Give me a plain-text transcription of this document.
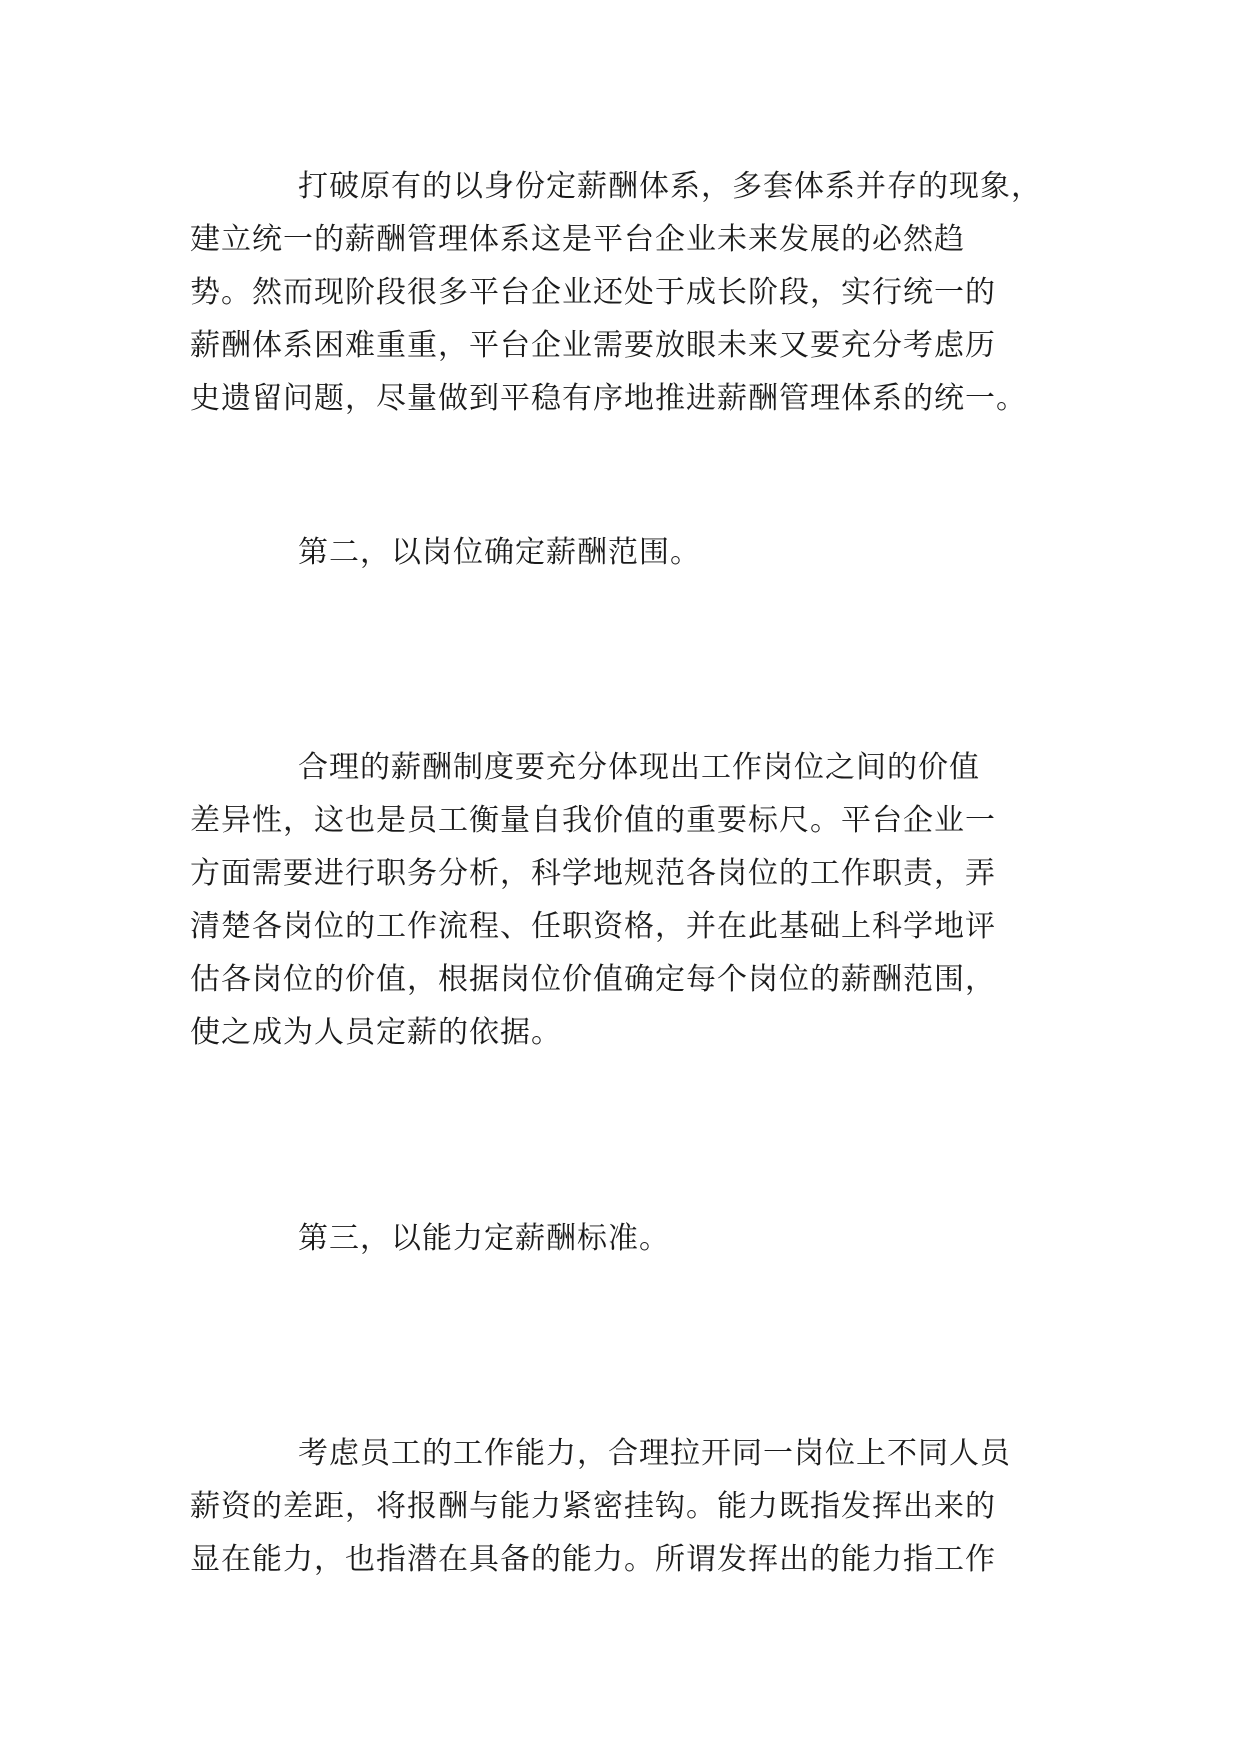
打破原有的以身份定薪酬体系，多套体系并存的现象，
建立统一的薪酬管理体系这是平台企业未来发展的必然趋
势。然而现阶段很多平台企业还处于成长阶段，实行统一的
薪酬体系困难重重，平台企业需要放眼未来又要充分考虑历
史遗留问题，尽量做到平稳有序地推进薪酬管理体系的统一。
第二，以岗位确定薪酬范围。
合理的薪酬制度要充分体现出工作岗位之间的价值
差异性，这也是员工衡量自我价值的重要标尺。平台企业一
方面需要进行职务分析，科学地规范各岗位的工作职责，弄
清楚各岗位的工作流程、任职资格，并在此基础上科学地评
估各岗位的价值，根据岗位价值确定每个岗位的薪酬范围，
使之成为人员定薪的依据。
第三，以能力定薪酬标准。
考虑员工的工作能力，合理拉开同一岗位上不同人员
薪资的差距，将报酬与能力紧密挂钩。能力既指发挥出来的
显在能力，也指潜在具备的能力。所谓发挥出的能力指工作
